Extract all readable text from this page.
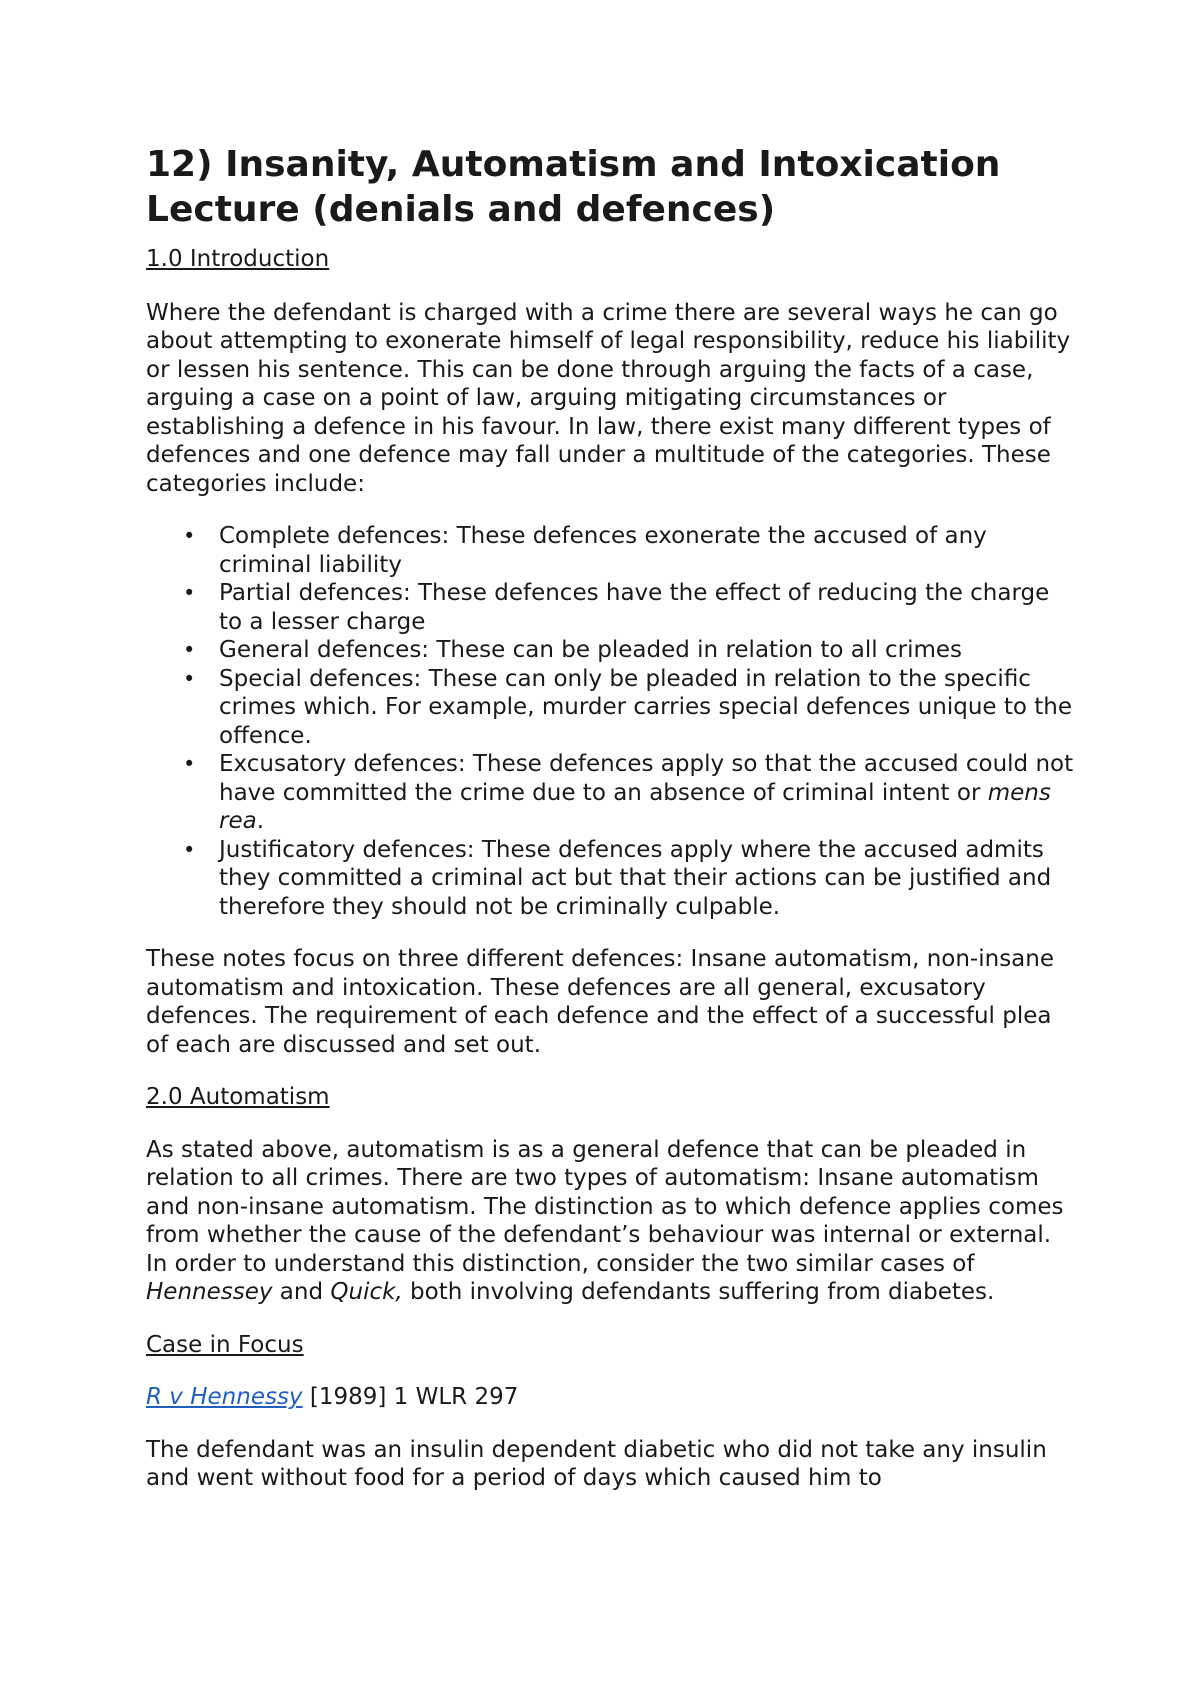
12) Insanity, Automatism and Intoxication
Lecture (denials and defences)
1.0 Introduction

Where the defendant is charged with a crime there are several ways he can go about attempting to exonerate himself of legal responsibility, reduce his liability or lessen his sentence. This can be done through arguing the facts of a case, arguing a case on a point of law, arguing mitigating circumstances or establishing a defence in his favour. In law, there exist many different types of defences and one defence may fall under a multitude of the categories. These categories include:

• Complete defences: These defences exonerate the accused of any criminal liability
• Partial defences: These defences have the effect of reducing the charge to a lesser charge
• General defences: These can be pleaded in relation to all crimes
• Special defences: These can only be pleaded in relation to the specific crimes which. For example, murder carries special defences unique to the offence.
• Excusatory defences: These defences apply so that the accused could not have committed the crime due to an absence of criminal intent or mens rea.
• Justificatory defences: These defences apply where the accused admits they committed a criminal act but that their actions can be justified and therefore they should not be criminally culpable.

These notes focus on three different defences: Insane automatism, non-insane automatism and intoxication. These defences are all general, excusatory defences. The requirement of each defence and the effect of a successful plea of each are discussed and set out.

2.0 Automatism

As stated above, automatism is as a general defence that can be pleaded in relation to all crimes. There are two types of automatism: Insane automatism and non-insane automatism. The distinction as to which defence applies comes from whether the cause of the defendant’s behaviour was internal or external. In order to understand this distinction, consider the two similar cases of Hennessey and Quick, both involving defendants suffering from diabetes.

Case in Focus

R v Hennessy [1989] 1 WLR 297

The defendant was an insulin dependent diabetic who did not take any insulin and went without food for a period of days which caused him to
